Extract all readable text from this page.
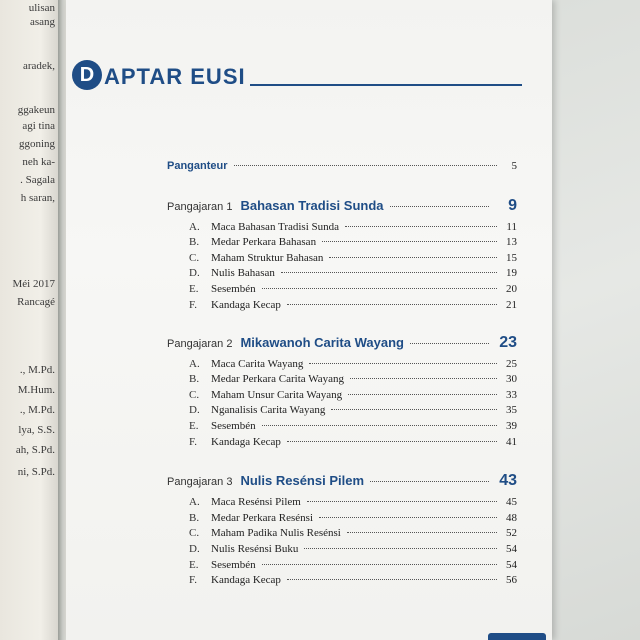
ulisan
asang
aradek,
ggakeun
agi tina
ggoning
neh ka-
. Sagala
h saran,
Méi 2017
Rancagé
., M.Pd.
M.Hum.
., M.Pd.
lya, S.S.
ah, S.Pd.
ni, S.Pd.
D APTAR EUSI
Panganteur	5
Pangajaran 1 Bahasan Tradisi Sunda	9
A.	Maca Bahasan Tradisi Sunda	11
B.	Medar Perkara Bahasan	13
C.	Maham Struktur Bahasan	15
D.	Nulis Bahasan	19
E.	Sesembén	20
F.	Kandaga Kecap	21
Pangajaran 2 Mikawanoh Carita Wayang	23
A.	Maca Carita Wayang	25
B.	Medar Perkara Carita Wayang	30
C.	Maham Unsur Carita Wayang	33
D.	Nganalisis Carita Wayang	35
E.	Sesembén	39
F.	Kandaga Kecap	41
Pangajaran 3 Nulis Resénsi Pilem	43
A.	Maca Resénsi Pilem	45
B.	Medar Perkara Resénsi	48
C.	Maham Padika Nulis Resénsi	52
D.	Nulis Resénsi Buku	54
E.	Sesembén	54
F.	Kandaga Kecap	56
